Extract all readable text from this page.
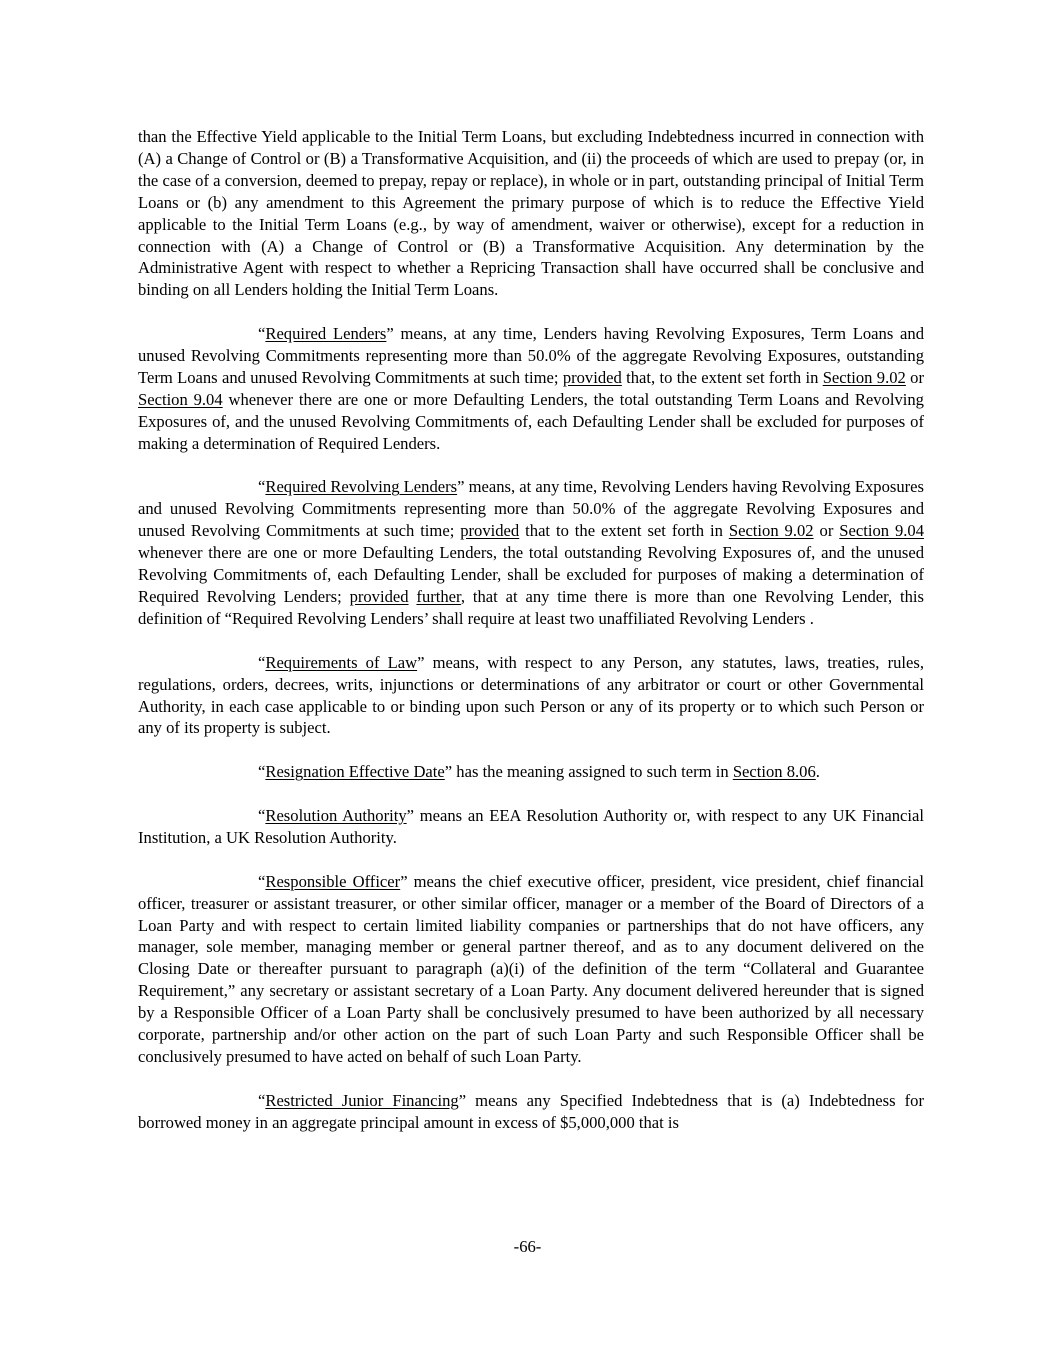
than the Effective Yield applicable to the Initial Term Loans, but excluding Indebtedness incurred in connection with (A) a Change of Control or (B) a Transformative Acquisition, and (ii) the proceeds of which are used to prepay (or, in the case of a conversion, deemed to prepay, repay or replace), in whole or in part, outstanding principal of Initial Term Loans or (b) any amendment to this Agreement the primary purpose of which is to reduce the Effective Yield applicable to the Initial Term Loans (e.g., by way of amendment, waiver or otherwise), except for a reduction in connection with (A) a Change of Control or (B) a Transformative Acquisition. Any determination by the Administrative Agent with respect to whether a Repricing Transaction shall have occurred shall be conclusive and binding on all Lenders holding the Initial Term Loans.

“Required Lenders” means, at any time, Lenders having Revolving Exposures, Term Loans and unused Revolving Commitments representing more than 50.0% of the aggregate Revolving Exposures, outstanding Term Loans and unused Revolving Commitments at such time; provided that, to the extent set forth in Section 9.02 or Section 9.04 whenever there are one or more Defaulting Lenders, the total outstanding Term Loans and Revolving Exposures of, and the unused Revolving Commitments of, each Defaulting Lender shall be excluded for purposes of making a determination of Required Lenders.

“Required Revolving Lenders” means, at any time, Revolving Lenders having Revolving Exposures and unused Revolving Commitments representing more than 50.0% of the aggregate Revolving Exposures and unused Revolving Commitments at such time; provided that to the extent set forth in Section 9.02 or Section 9.04 whenever there are one or more Defaulting Lenders, the total outstanding Revolving Exposures of, and the unused Revolving Commitments of, each Defaulting Lender, shall be excluded for purposes of making a determination of Required Revolving Lenders; provided further, that at any time there is more than one Revolving Lender, this definition of “Required Revolving Lenders’ shall require at least two unaffiliated Revolving Lenders .

“Requirements of Law” means, with respect to any Person, any statutes, laws, treaties, rules, regulations, orders, decrees, writs, injunctions or determinations of any arbitrator or court or other Governmental Authority, in each case applicable to or binding upon such Person or any of its property or to which such Person or any of its property is subject.

“Resignation Effective Date” has the meaning assigned to such term in Section 8.06.

“Resolution Authority” means an EEA Resolution Authority or, with respect to any UK Financial Institution, a UK Resolution Authority.

“Responsible Officer” means the chief executive officer, president, vice president, chief financial officer, treasurer or assistant treasurer, or other similar officer, manager or a member of the Board of Directors of a Loan Party and with respect to certain limited liability companies or partnerships that do not have officers, any manager, sole member, managing member or general partner thereof, and as to any document delivered on the Closing Date or thereafter pursuant to paragraph (a)(i) of the definition of the term “Collateral and Guarantee Requirement,” any secretary or assistant secretary of a Loan Party. Any document delivered hereunder that is signed by a Responsible Officer of a Loan Party shall be conclusively presumed to have been authorized by all necessary corporate, partnership and/or other action on the part of such Loan Party and such Responsible Officer shall be conclusively presumed to have acted on behalf of such Loan Party.

“Restricted Junior Financing” means any Specified Indebtedness that is (a) Indebtedness for borrowed money in an aggregate principal amount in excess of $5,000,000 that is

-66-
